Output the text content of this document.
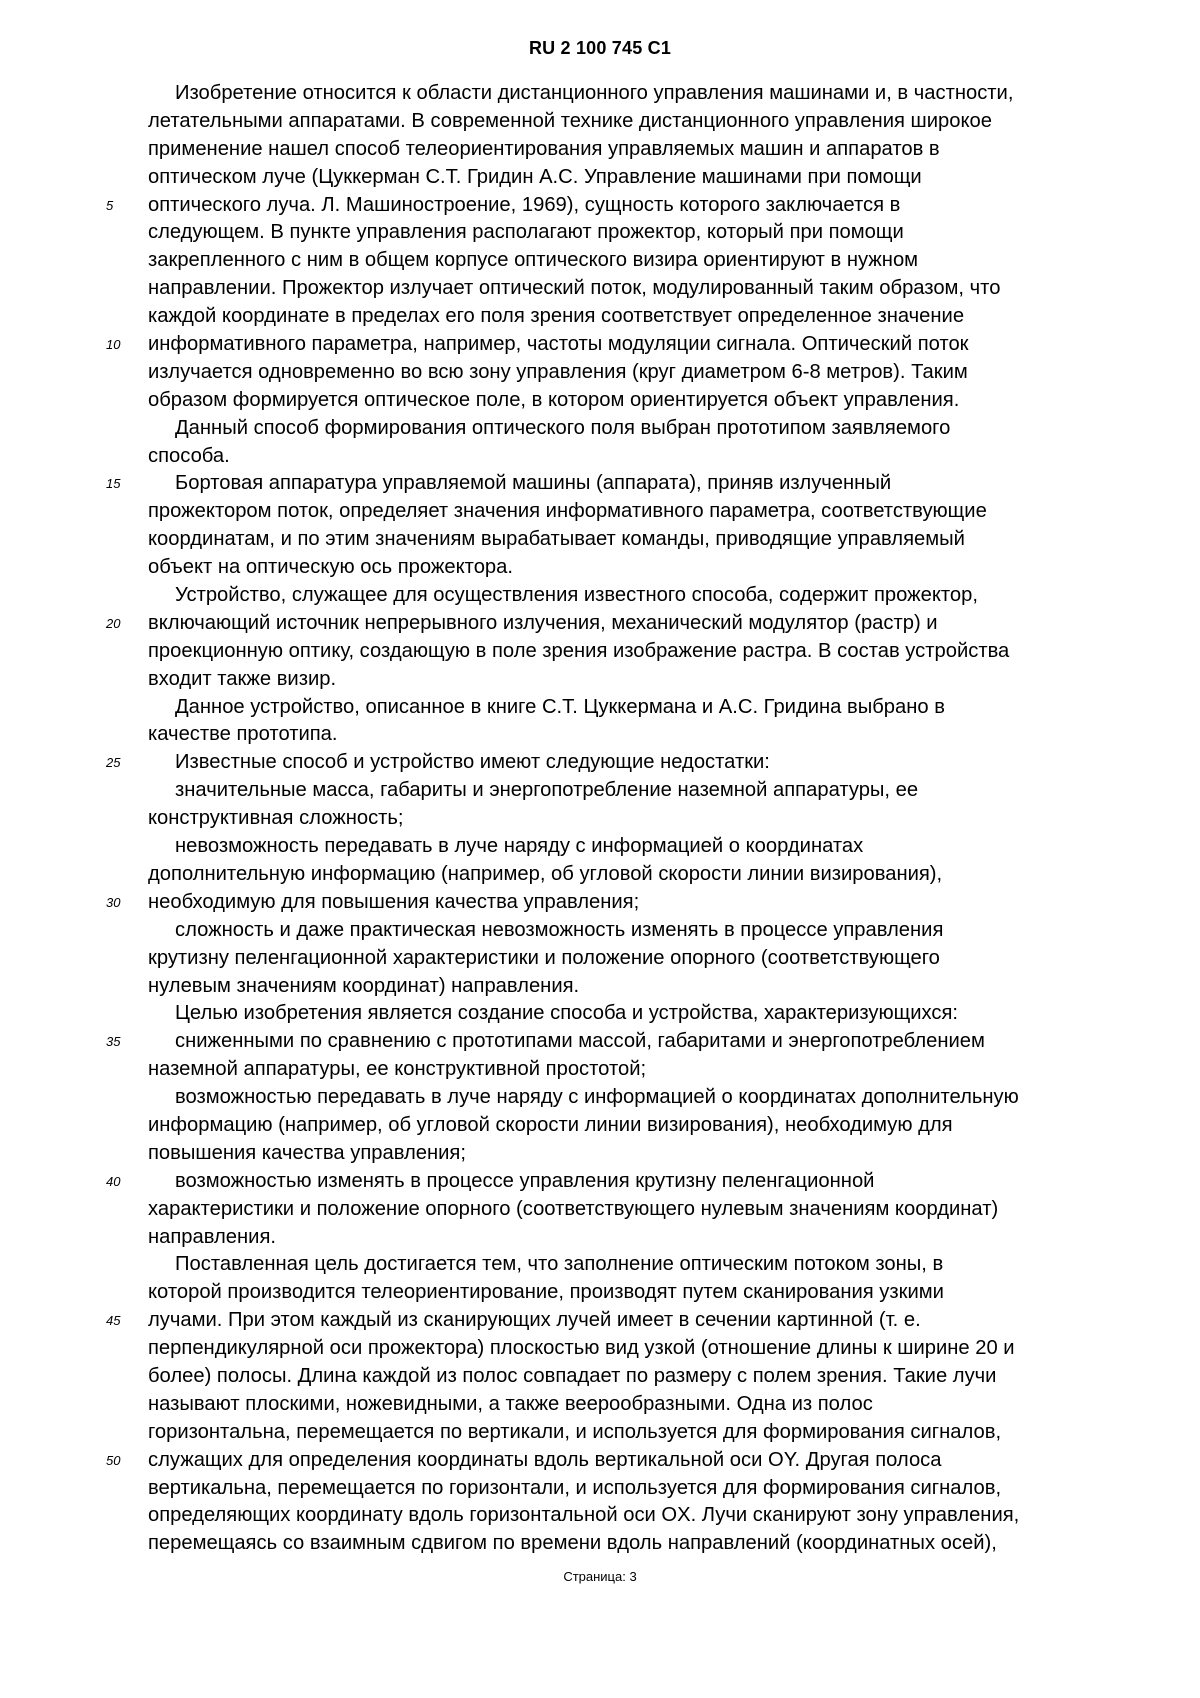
RU 2 100 745 C1
Изобретение относится к области дистанционного управления машинами и, в частности,
летательными аппаратами. В современной технике дистанционного управления широкое
применение нашел способ телеориентирования управляемых машин и аппаратов в
оптическом луче (Цуккерман С.Т. Гридин А.С. Управление машинами при помощи
5	оптического луча. Л. Машиностроение, 1969), сущность которого заключается в
следующем. В пункте управления располагают прожектор, который при помощи
закрепленного с ним в общем корпусе оптического визира ориентируют в нужном
направлении. Прожектор излучает оптический поток, модулированный таким образом, что
каждой координате в пределах его поля зрения соответствует определенное значение
10	информативного параметра, например, частоты модуляции сигнала. Оптический поток
излучается одновременно во всю зону управления (круг диаметром 6-8 метров). Таким
образом формируется оптическое поле, в котором ориентируется объект управления.
Данный способ формирования оптического поля выбран прототипом заявляемого
способа.
15	Бортовая аппаратура управляемой машины (аппарата), приняв излученный
прожектором поток, определяет значения информативного параметра, соответствующие
координатам, и по этим значениям вырабатывает команды, приводящие управляемый
объект на оптическую ось прожектора.
Устройство, служащее для осуществления известного способа, содержит прожектор,
20	включающий источник непрерывного излучения, механический модулятор (растр) и
проекционную оптику, создающую в поле зрения изображение растра. В состав устройства
входит также визир.
Данное устройство, описанное в книге С.Т. Цуккермана и А.С. Гридина выбрано в
качестве прототипа.
25	Известные способ и устройство имеют следующие недостатки:
значительные масса, габариты и энергопотребление наземной аппаратуры, ее
конструктивная сложность;
невозможность передавать в луче наряду с информацией о координатах
дополнительную информацию (например, об угловой скорости линии визирования),
30	необходимую для повышения качества управления;
сложность и даже практическая невозможность изменять в процессе управления
крутизну пеленгационной характеристики и положение опорного (соответствующего
нулевым значениям координат) направления.
Целью изобретения является создание способа и устройства, характеризующихся:
35	сниженными по сравнению с прототипами массой, габаритами и энергопотреблением
наземной аппаратуры, ее конструктивной простотой;
возможностью передавать в луче наряду с информацией о координатах дополнительную
информацию (например, об угловой скорости линии визирования), необходимую для
повышения качества управления;
40	возможностью изменять в процессе управления крутизну пеленгационной
характеристики и положение опорного (соответствующего нулевым значениям координат)
направления.
Поставленная цель достигается тем, что заполнение оптическим потоком зоны, в
которой производится телеориентирование, производят путем сканирования узкими
45	лучами. При этом каждый из сканирующих лучей имеет в сечении картинной (т. е.
перпендикулярной оси прожектора) плоскостью вид узкой (отношение длины к ширине 20 и
более) полосы. Длина каждой из полос совпадает по размеру с полем зрения. Такие лучи
называют плоскими, ножевидными, а также веерообразными. Одна из полос
горизонтальна, перемещается по вертикали, и используется для формирования сигналов,
50	служащих для определения координаты вдоль вертикальной оси OY. Другая полоса
вертикальна, перемещается по горизонтали, и используется для формирования сигналов,
определяющих координату вдоль горизонтальной оси OX. Лучи сканируют зону управления,
перемещаясь со взаимным сдвигом по времени вдоль направлений (координатных осей),
Страница: 3
